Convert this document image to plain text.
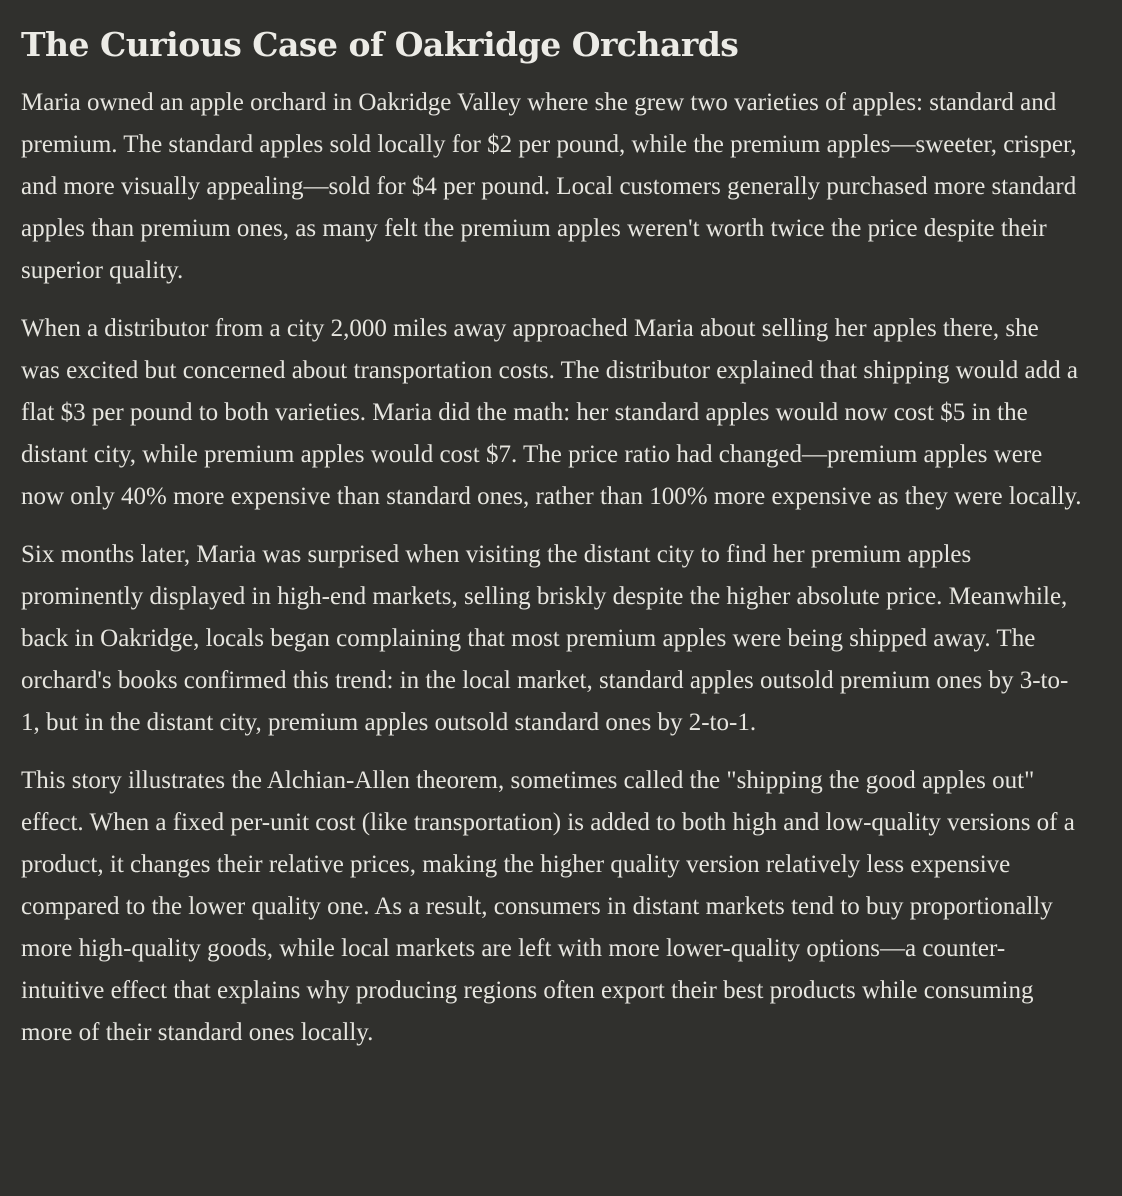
The Curious Case of Oakridge Orchards

Maria owned an apple orchard in Oakridge Valley where she grew two varieties of apples: standard and premium. The standard apples sold locally for $2 per pound, while the premium apples—sweeter, crisper, and more visually appealing—sold for $4 per pound. Local customers generally purchased more standard apples than premium ones, as many felt the premium apples weren't worth twice the price despite their superior quality.

When a distributor from a city 2,000 miles away approached Maria about selling her apples there, she was excited but concerned about transportation costs. The distributor explained that shipping would add a flat $3 per pound to both varieties. Maria did the math: her standard apples would now cost $5 in the distant city, while premium apples would cost $7. The price ratio had changed—premium apples were now only 40% more expensive than standard ones, rather than 100% more expensive as they were locally.

Six months later, Maria was surprised when visiting the distant city to find her premium apples prominently displayed in high-end markets, selling briskly despite the higher absolute price. Meanwhile, back in Oakridge, locals began complaining that most premium apples were being shipped away. The orchard's books confirmed this trend: in the local market, standard apples outsold premium ones by 3-to-1, but in the distant city, premium apples outsold standard ones by 2-to-1.

This story illustrates the Alchian-Allen theorem, sometimes called the "shipping the good apples out" effect. When a fixed per-unit cost (like transportation) is added to both high and low-quality versions of a product, it changes their relative prices, making the higher quality version relatively less expensive compared to the lower quality one. As a result, consumers in distant markets tend to buy proportionally more high-quality goods, while local markets are left with more lower-quality options—a counter-intuitive effect that explains why producing regions often export their best products while consuming more of their standard ones locally.
